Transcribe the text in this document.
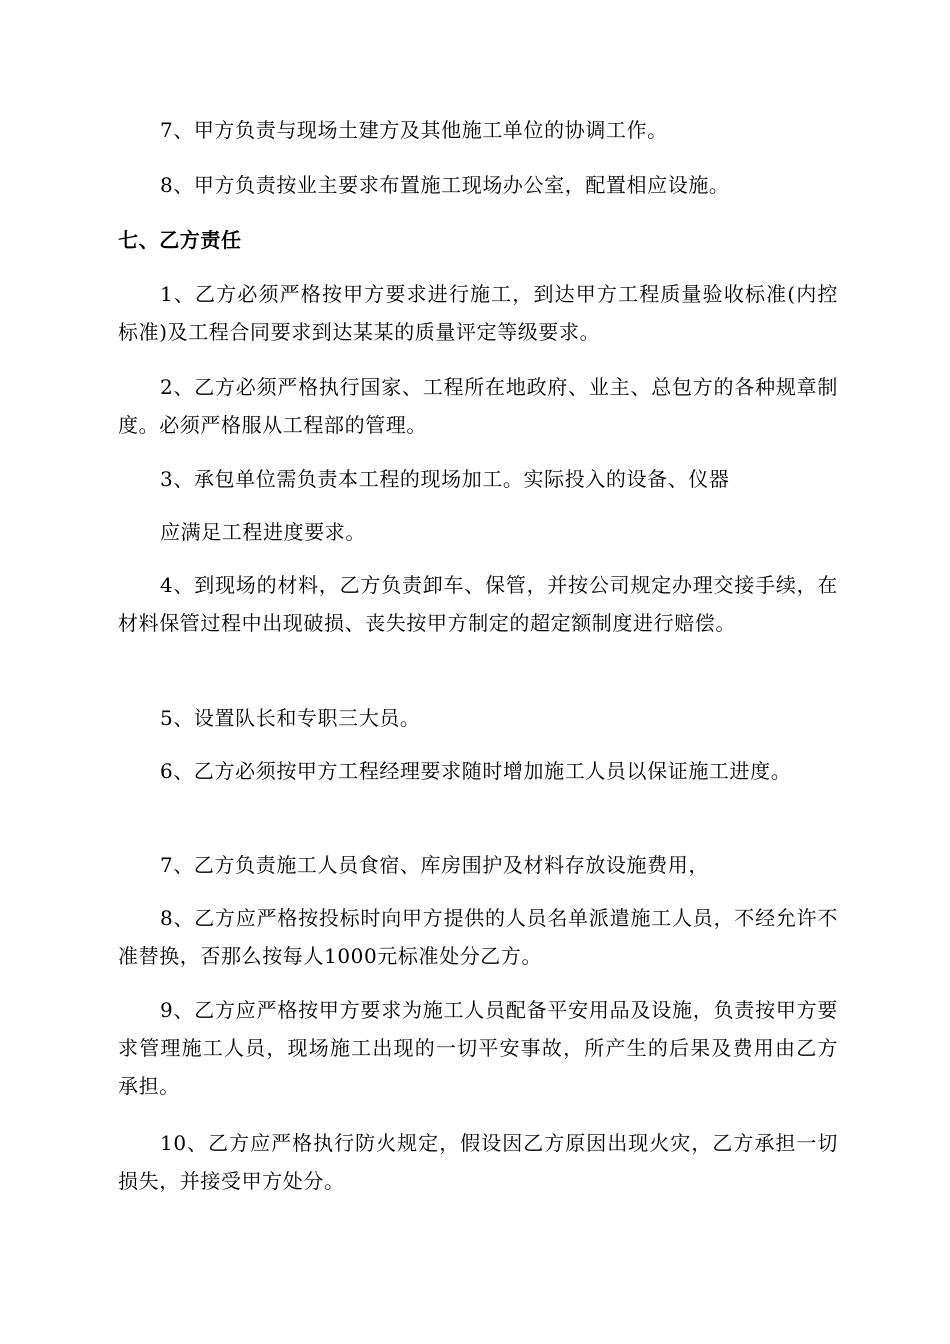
7、甲方负责与现场土建方及其他施工单位的协调工作。
8、甲方负责按业主要求布置施工现场办公室，配置相应设施。
七、乙方责任
1、乙方必须严格按甲方要求进行施工，到达甲方工程质量验收标准(内控标准)及工程合同要求到达某某的质量评定等级要求。
2、乙方必须严格执行国家、工程所在地政府、业主、总包方的各种规章制度。必须严格服从工程部的管理。
3、承包单位需负责本工程的现场加工。实际投入的设备、仪器
应满足工程进度要求。
4、到现场的材料，乙方负责卸车、保管，并按公司规定办理交接手续，在材料保管过程中出现破损、丧失按甲方制定的超定额制度进行赔偿。
5、设置队长和专职三大员。
6、乙方必须按甲方工程经理要求随时增加施工人员以保证施工进度。
7、乙方负责施工人员食宿、库房围护及材料存放设施费用，
8、乙方应严格按投标时向甲方提供的人员名单派遣施工人员，不经允许不准替换，否那么按每人1000元标准处分乙方。
9、乙方应严格按甲方要求为施工人员配备平安用品及设施，负责按甲方要求管理施工人员，现场施工出现的一切平安事故，所产生的后果及费用由乙方承担。
10、乙方应严格执行防火规定，假设因乙方原因出现火灾，乙方承担一切损失，并接受甲方处分。
